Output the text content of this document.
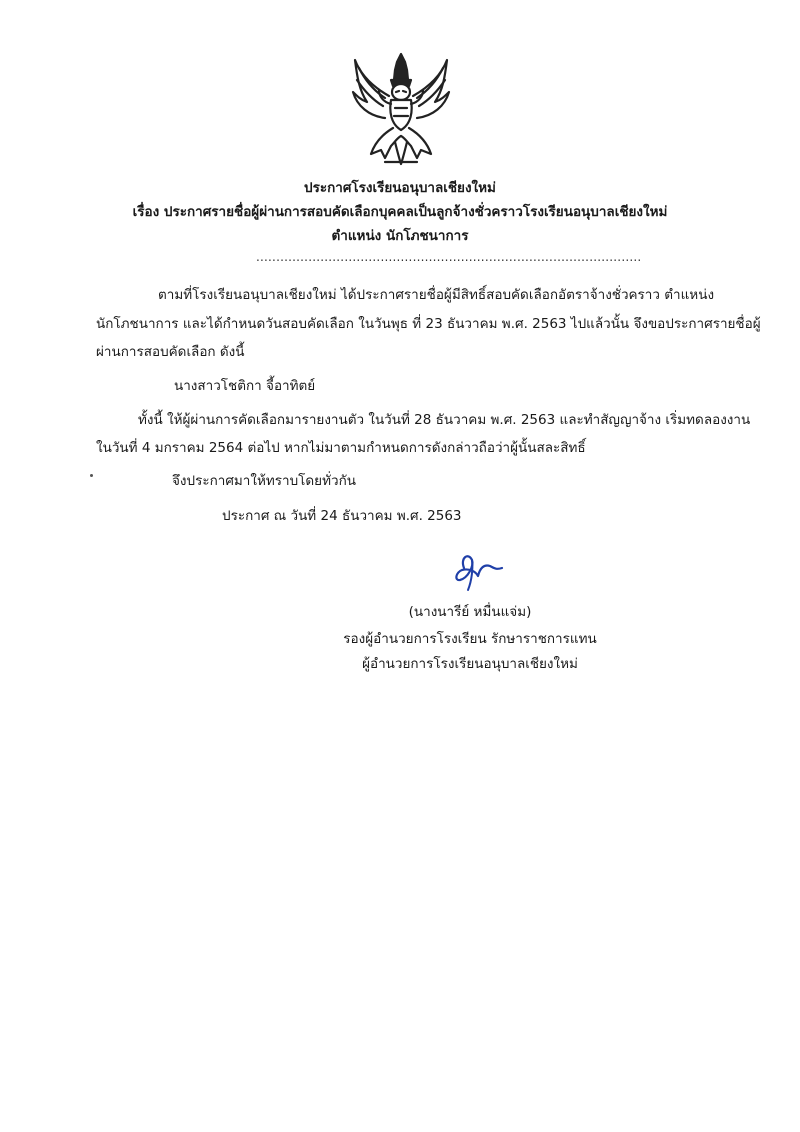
ประกาศโรงเรียนอนุบาลเชียงใหม่
เรื่อง ประกาศรายชื่อผู้ผ่านการสอบคัดเลือกบุคคลเป็นลูกจ้างชั่วคราวโรงเรียนอนุบาลเชียงใหม่
ตำแหน่ง นักโภชนาการ
................................................................................................
ตามที่โรงเรียนอนุบาลเชียงใหม่ ได้ประกาศรายชื่อผู้มีสิทธิ์สอบคัดเลือกอัตราจ้างชั่วคราว ตำแหน่ง
นักโภชนาการ และได้กำหนดวันสอบคัดเลือก ในวันพุธ ที่ 23 ธันวาคม พ.ศ. 2563 ไปแล้วนั้น จึงขอประกาศรายชื่อผู้
ผ่านการสอบคัดเลือก ดังนี้
นางสาวโชติกา จี้อาทิตย์
ทั้งนี้ ให้ผู้ผ่านการคัดเลือกมารายงานตัว ในวันที่ 28 ธันวาคม พ.ศ. 2563 และทำสัญญาจ้าง เริ่มทดลองงาน
ในวันที่ 4 มกราคม 2564 ต่อไป หากไม่มาตามกำหนดการดังกล่าวถือว่าผู้นั้นสละสิทธิ์
จึงประกาศมาให้ทราบโดยทั่วกัน
ประกาศ ณ วันที่ 24 ธันวาคม พ.ศ. 2563
(นางนารีย์ หมื่นแจ่ม)
รองผู้อำนวยการโรงเรียน รักษาราชการแทน
ผู้อำนวยการโรงเรียนอนุบาลเชียงใหม่
